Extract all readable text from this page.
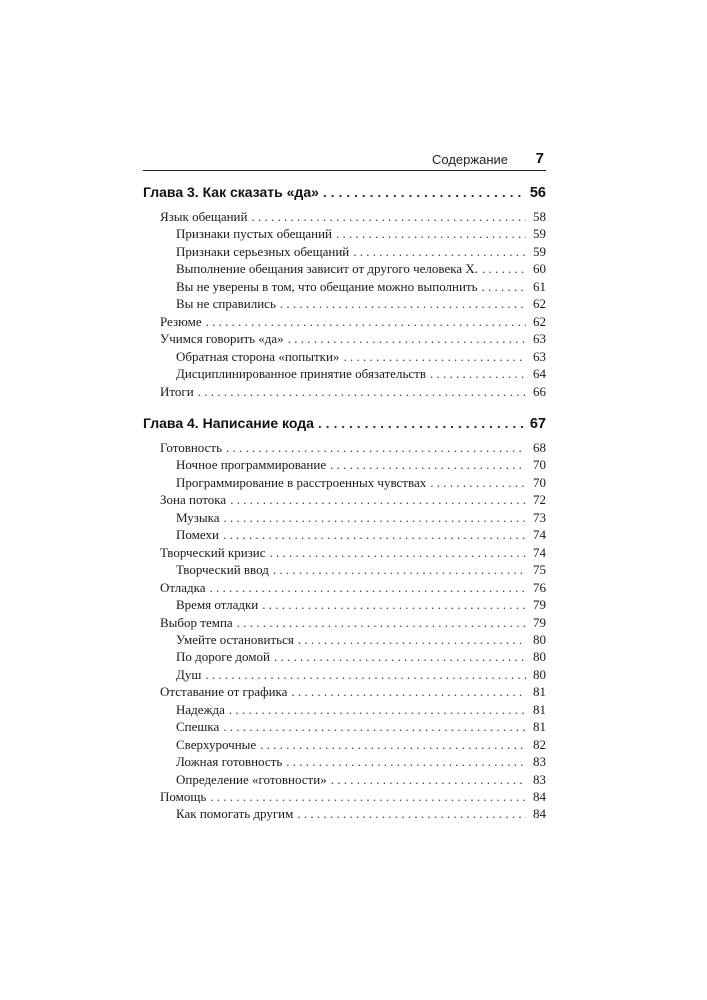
Содержание 7
Глава 3. Как сказать «да» . . .	56
Язык обещаний . . .	58
Признаки пустых обещаний . . .	59
Признаки серьезных обещаний . . .	59
Выполнение обещания зависит от другого человека X. . . .	60
Вы не уверены в том, что обещание можно выполнить . . .	61
Вы не справились . . .	62
Резюме . . .	62
Учимся говорить «да» . . .	63
Обратная сторона «попытки» . . .	63
Дисциплинированное принятие обязательств . . .	64
Итоги . . .	66
Глава 4. Написание кода . . .	67
Готовность . . .	68
Ночное программирование . . .	70
Программирование в расстроенных чувствах . . .	70
Зона потока . . .	72
Музыка . . .	73
Помехи . . .	74
Творческий кризис . . .	74
Творческий ввод . . .	75
Отладка . . .	76
Время отладки . . .	79
Выбор темпа . . .	79
Умейте остановиться . . .	80
По дороге домой . . .	80
Душ . . .	80
Отставание от графика . . .	81
Надежда . . .	81
Спешка . . .	81
Сверхурочные . . .	82
Ложная готовность . . .	83
Определение «готовности» . . .	83
Помощь . . .	84
Как помогать другим . . .	84
